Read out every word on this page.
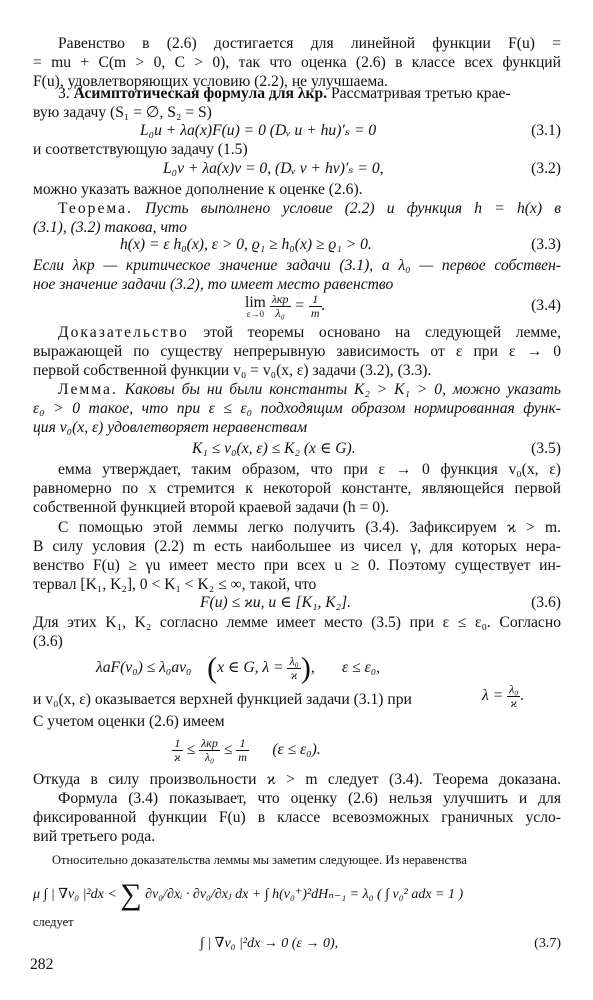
Равенство в (2.6) достигается для линейной функции F(u) =
= mu + C(m > 0, C > 0), так что оценка (2.6) в классе всех функций
F(u), удовлетворяющих условию (2.2), не улучшаема.
3. Асимптотическая формула для λкр. Рассматривая третью крае-
вую задачу (S₁ = ∅, S₂ = S)
L₀u + λa(x)F(u) = 0 (Dᵥ u + hu)′ₛ = 0	(3.1)
и соответствующую задачу (1.5)
L₀v + λa(x)v = 0, (Dᵥ v + hv)′ₛ = 0,	(3.2)
можно указать важное дополнение к оценке (2.6).
Теорема. Пусть выполнено условие (2.2) и функция h = h(x) в
(3.1), (3.2) такова, что
h(x) = ε h₀(x), ε > 0, ϱ₁ ≥ h₀(x) ≥ ϱ₁ > 0.	(3.3)
Если λкр — критическое значение задачи (3.1), а λ₀ — первое собствен-
ное значение задачи (3.2), то имеет место равенство
lim
ε→0
$\frac{\text{λкр}}{\text{λ₀}} = \frac{1}{m}$ .	(3.4)
Доказательство этой теоремы основано на следующей лемме,
выражающей по существу непрерывную зависимость от ε при ε → 0
первой собственной функции v₀ = v₀(x, ε) задачи (3.2), (3.3).
Лемма. Каковы бы ни были константы K₂ > K₁ > 0, можно указать
ε₀ > 0 такое, что при ε ≤ ε₀ подходящим образом нормированная функ-
ция v₀(x, ε) удовлетворяет неравенствам
K₁ ≤ v₀(x, ε) ≤ K₂ (x ∈ G).	(3.5)
емма утверждает, таким образом, что при ε → 0 функция v₀(x, ε)
равномерно по x стремится к некоторой константе, являющейся первой
собственной функцией второй краевой задачи (h = 0).
С помощью этой леммы легко получить (3.4). Зафиксируем ϰ > m.
В силу условия (2.2) m есть наибольшее из чисел γ, для которых нера-
венство F(u) ≥ γu имеет место при всех u ≥ 0. Поэтому существует ин-
тервал [K₁, K₂], 0 < K₁ < K₂ ≤ ∞, такой, что
F(u) ≤ ϰu, u ∈ [K₁, K₂].	(3.6)
Для этих K₁, K₂ согласно лемме имеет место (3.5) при ε ≤ ε₀. Согласно
(3.6)
λaF(v₀) ≤ λ₀av₀ (x ∈ G, $\lambda = \frac{\text{λ₀}}{ϰ}$ ),       ε ≤ ε₀,
и v₀(x, ε) оказывается верхней функцией задачи (3.1) при	$\lambda = \frac{\text{λ₀}}{ϰ}$ .
С учетом оценки (2.6) имеем
$\frac{1}{ϰ} \le \frac{\text{λкр}}{\text{λ₀}} \le \frac{1}{m} (\varepsilon \le \varepsilon_0)$.
Откуда в силу произвольности ϰ > m следует (3.4). Теорема доказана.
Формула (3.4) показывает, что оценку (2.6) нельзя улучшить и для
фиксированной функции F(u) в классе всевозможных граничных усло-
вий третьего рода.
Относительно доказательства леммы мы заметим следующее. Из неравенства
μ ∫ | ∇v₀ |²dx < ∑ ∂v₀/∂xᵢ · ∂v₀/∂xⱼ dx + ∫ h(v₀⁺)²dHₙ₋₁ = λ₀ ( ∫ v₀² adx = 1 )
следует
∫ | ∇v₀ |²dx → 0 (ε → 0),	(3.7)
282
